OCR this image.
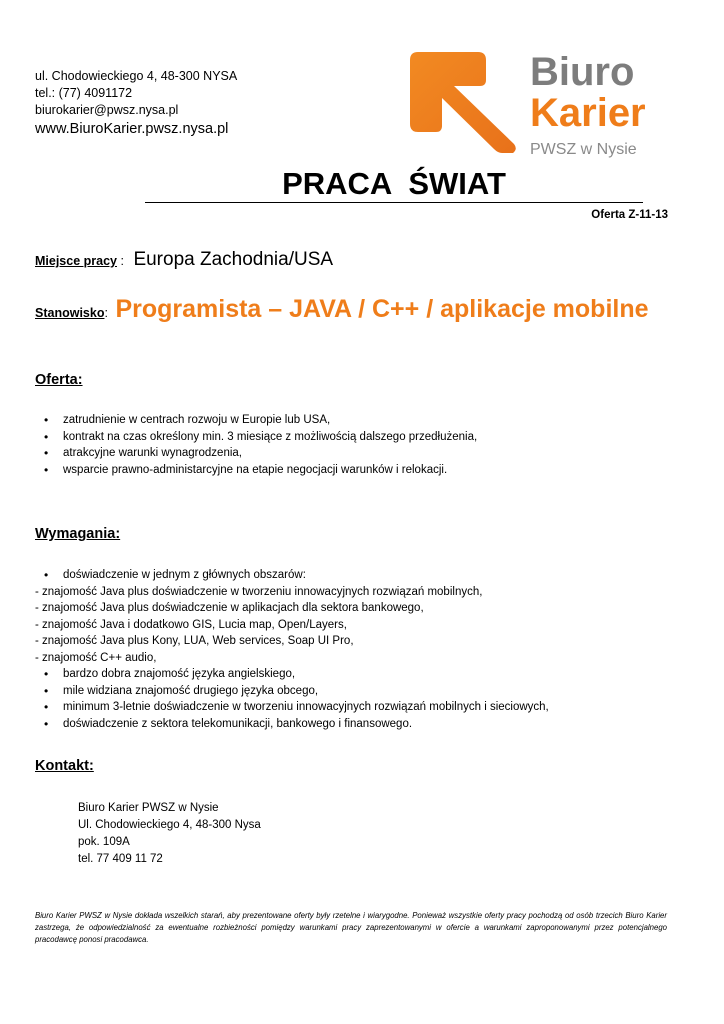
ul. Chodowieckiego 4, 48-300 NYSA
tel.: (77) 4091172
biurokarier@pwsz.nysa.pl
www.BiuroKarier.pwsz.nysa.pl
Biuro
Karier
PWSZ w Nysie
PRACA  ŚWIAT
Oferta Z-11-13
Miejsce pracy : Europa Zachodnia/USA
Stanowisko: Programista – JAVA / C++ / aplikacje mobilne
Oferta:
• zatrudnienie w centrach rozwoju w Europie lub USA,
• kontrakt na czas określony min. 3 miesiące z możliwością dalszego przedłużenia,
• atrakcyjne warunki wynagrodzenia,
• wsparcie prawno-administarcyjne na etapie negocjacji warunków i relokacji.
Wymagania:
• doświadczenie w jednym z głównych obszarów:
- znajomość Java plus doświadczenie w tworzeniu innowacyjnych rozwiązań mobilnych,
- znajomość Java plus doświadczenie w aplikacjach dla sektora bankowego,
- znajomość Java i dodatkowo GIS, Lucia map, Open/Layers,
- znajomość Java plus Kony, LUA, Web services, Soap UI Pro,
- znajomość C++ audio,
• bardzo dobra znajomość języka angielskiego,
• mile widziana znajomość drugiego języka obcego,
• minimum 3-letnie doświadczenie w tworzeniu innowacyjnych rozwiązań mobilnych i sieciowych,
• doświadczenie z sektora telekomunikacji, bankowego i finansowego.
Kontakt:
Biuro Karier PWSZ w Nysie
Ul. Chodowieckiego 4, 48-300 Nysa
pok. 109A
tel. 77 409 11 72
Biuro Karier PWSZ w Nysie dokłada wszelkich starań, aby prezentowane oferty były rzetelne i wiarygodne. Ponieważ wszystkie oferty pracy pochodzą od osób trzecich Biuro Karier zastrzega, że odpowiedzialność za ewentualne rozbieżności pomiędzy warunkami pracy zaprezentowanymi w ofercie a warunkami zaproponowanymi przez potencjalnego pracodawcę ponosi pracodawca.
